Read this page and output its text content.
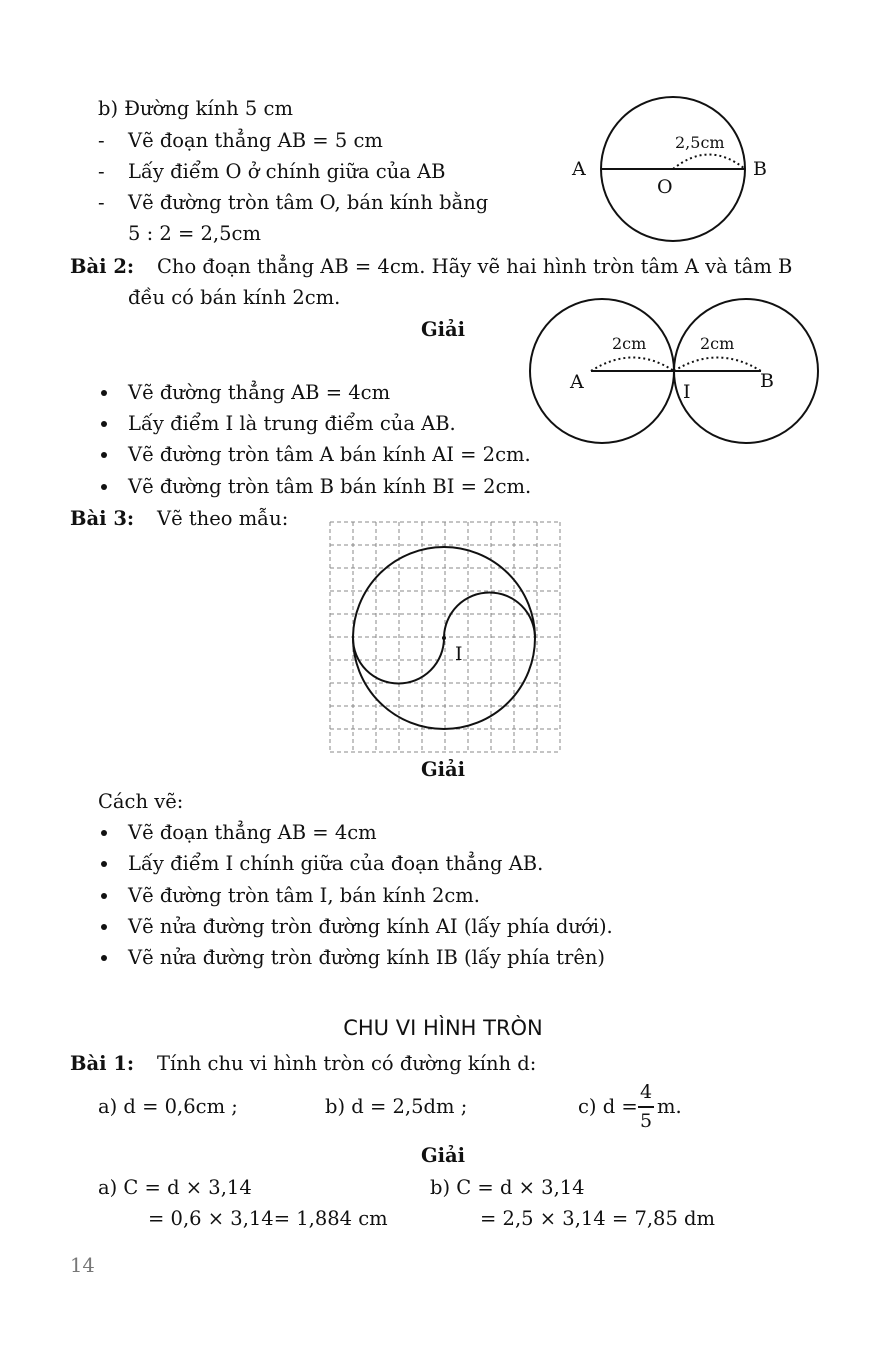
b) Đường kính 5 cm
- Vẽ đoạn thẳng AB = 5 cm
- Lấy điểm O ở chính giữa của AB
- Vẽ đường tròn tâm O, bán kính bằng
5 : 2 = 2,5cm
A	B
O
2,5cm
Bài 2: Cho đoạn thẳng AB = 4cm. Hãy vẽ hai hình tròn tâm A và tâm B
đều có bán kính 2cm.
Giải
Vẽ đường thẳng AB = 4cm
Lấy điểm I là trung điểm của AB.
Vẽ đường tròn tâm A bán kính AI = 2cm.
Vẽ đường tròn tâm B bán kính BI = 2cm.
A	I	B
2cm	2cm
Bài 3: Vẽ theo mẫu:
I
Giải
Cách vẽ:
Vẽ đoạn thẳng AB = 4cm
Lấy điểm I chính giữa của đoạn thẳng AB.
Vẽ đường tròn tâm I, bán kính 2cm.
Vẽ nửa đường tròn đường kính AI (lấy phía dưới).
Vẽ nửa đường tròn đường kính IB (lấy phía trên)
CHU VI HÌNH TRÒN
Bài 1: Tính chu vi hình tròn có đường kính d:
a) d = 0,6cm ;	b) d = 2,5dm ;	c) d =
4
5
m.
Giải
a) C = d × 3,14
= 0,6 × 3,14= 1,884 cm
b) C = d × 3,14
= 2,5 × 3,14 = 7,85 dm
14
